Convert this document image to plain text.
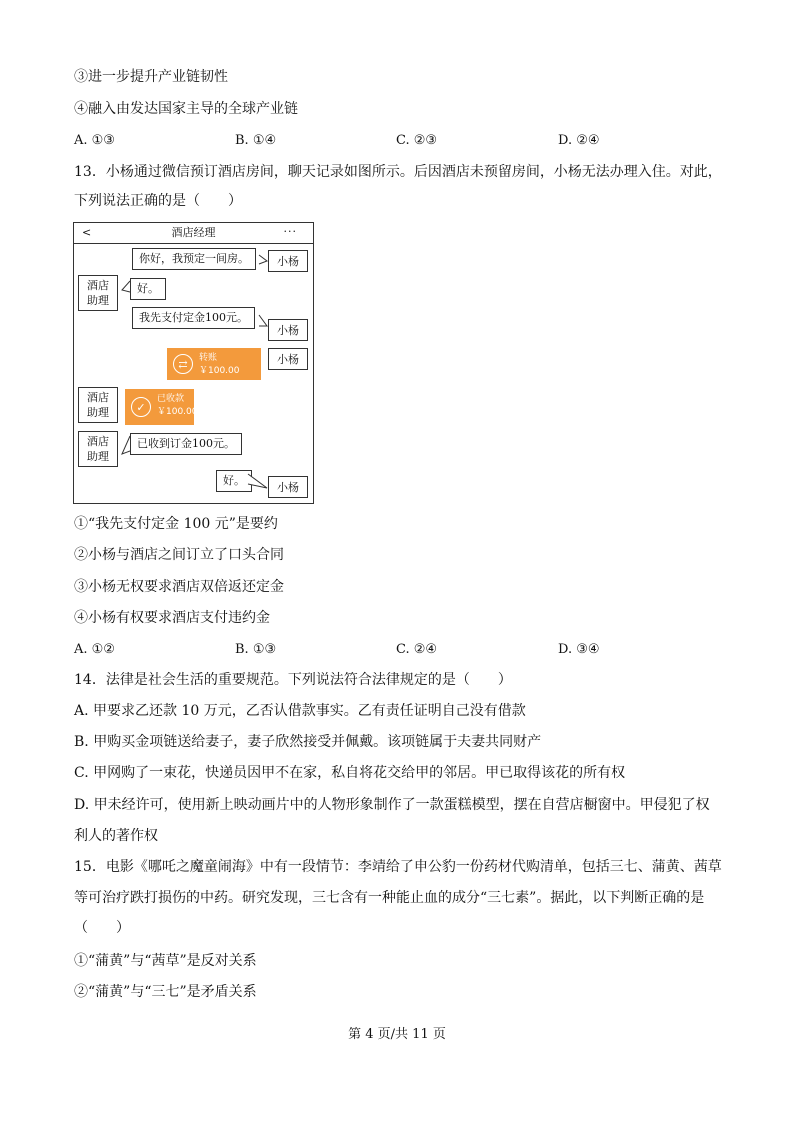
③进一步提升产业链韧性
④融入由发达国家主导的全球产业链
A. ①③	B. ①④	C. ②③	D. ②④
13．小杨通过微信预订酒店房间，聊天记录如图所示。后因酒店未预留房间，小杨无法办理入住。对此，
下列说法正确的是（　　）
<	酒店经理	···
你好，我预定一间房。	小杨
酒店
助理
好。
我先支付定金100元。
小杨
⇄	转账
￥100.00
小杨
酒店
助理	✓
已收款
￥100.00
酒店
助理
已收到订金100元。
好。	小杨
①“我先支付定金 100 元”是要约
②小杨与酒店之间订立了口头合同
③小杨无权要求酒店双倍返还定金
④小杨有权要求酒店支付违约金
A. ①②	B. ①③	C. ②④	D. ③④
14．法律是社会生活的重要规范。下列说法符合法律规定的是（　　）
A. 甲要求乙还款 10 万元，乙否认借款事实。乙有责任证明自己没有借款
B. 甲购买金项链送给妻子，妻子欣然接受并佩戴。该项链属于夫妻共同财产
C. 甲网购了一束花，快递员因甲不在家，私自将花交给甲的邻居。甲已取得该花的所有权
D. 甲未经许可，使用新上映动画片中的人物形象制作了一款蛋糕模型，摆在自营店橱窗中。甲侵犯了权
利人的著作权
15．电影《哪吒之魔童闹海》中有一段情节：李靖给了申公豹一份药材代购清单，包括三七、蒲黄、茜草
等可治疗跌打损伤的中药。研究发现，三七含有一种能止血的成分“三七素”。据此，以下判断正确的是
（　　）
①“蒲黄”与“茜草”是反对关系
②“蒲黄”与“三七”是矛盾关系
第 4 页/共 11 页
